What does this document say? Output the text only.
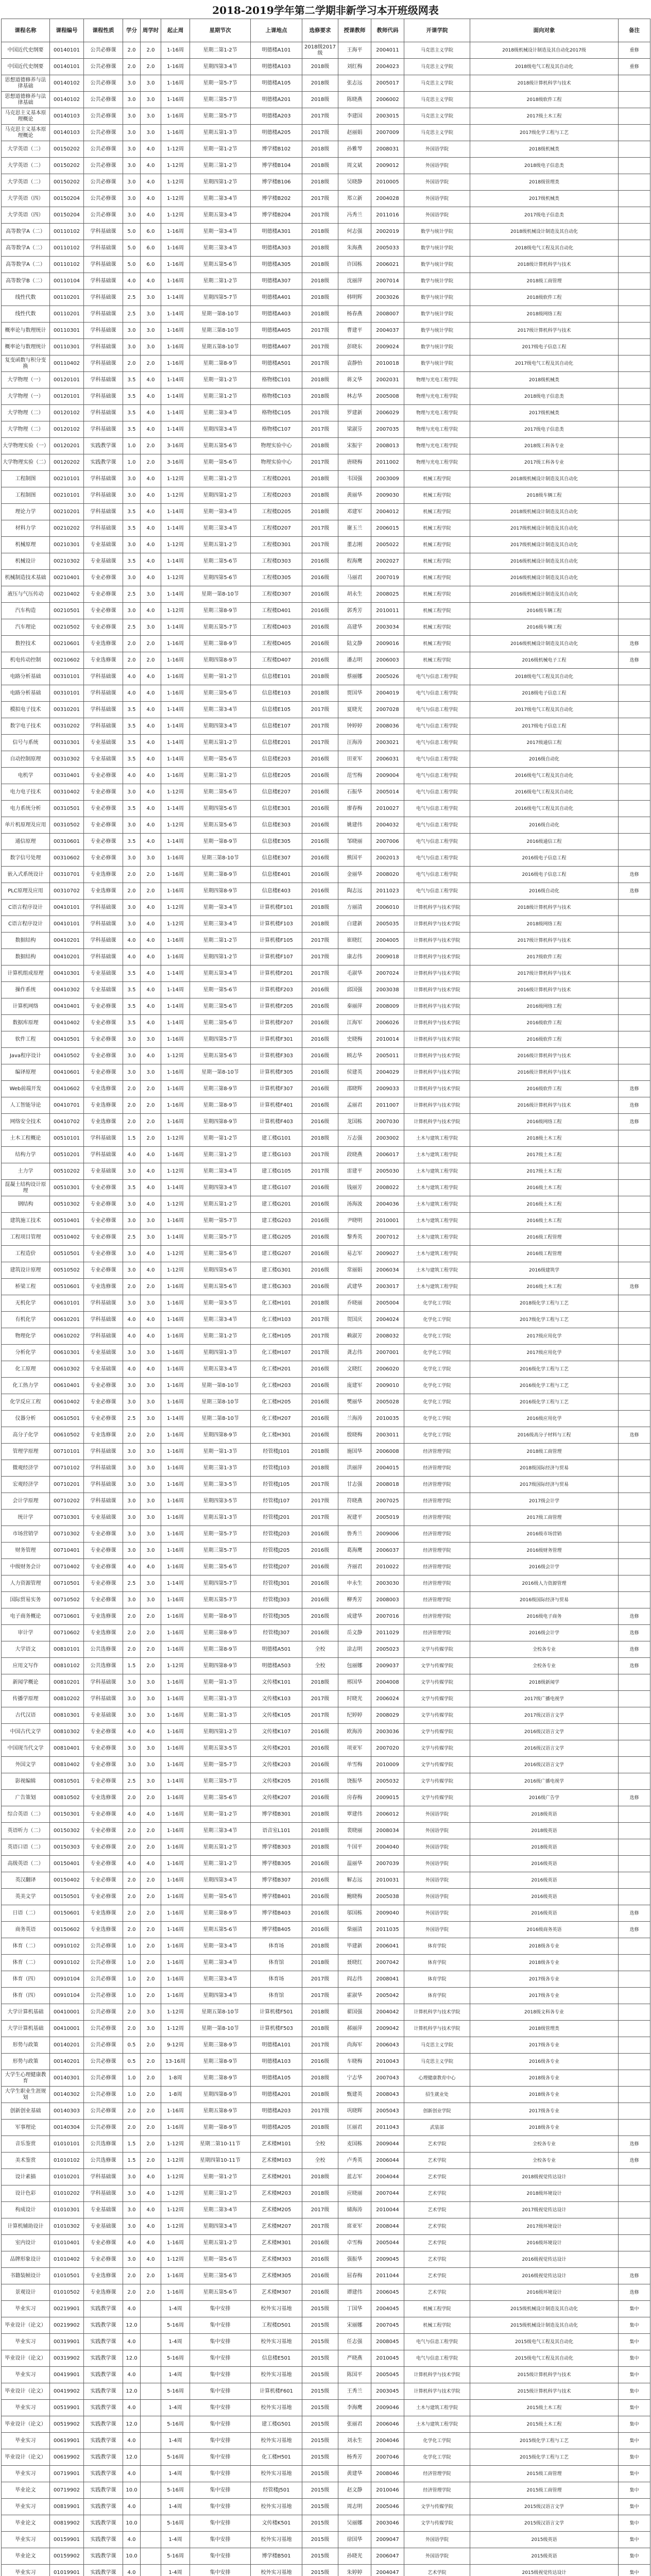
2018-2019学年第二学期非新学习本开班级网表
课程名称	课程编号	课程性质	学分	周学时	起止周	星期节次	上课地点	选修要求	授课教师	教师代码	开课学院	面向对象	备注
中国近代史纲要	00140101	公共必修课	2.0	2.0	1-16周	星期二第1-2节	明德楼A101	2018级2017级	王海平	2004011	马克思主义学院	2018级机械设计制造及其自动化2017级	重修
中国近代史纲要	00140101	公共必修课	2.0	2.0	1-16周	星期四第3-4节	明德楼A103	2018级	刘红梅	2004023	马克思主义学院	2018级电气工程及其自动化	重修
思想道德修养与法律基础	00140102	公共必修课	3.0	3.0	1-16周	星期一第5-7节	明德楼A105	2018级	张志远	2005017	马克思主义学院	2018级计算机科学与技术	
思想道德修养与法律基础	00140102	公共必修课	3.0	3.0	1-16周	星期三第5-7节	明德楼A201	2018级	陈晓燕	2006002	马克思主义学院	2018级软件工程	
马克思主义基本原理概论	00140103	公共必修课	3.0	3.0	1-16周	星期二第5-7节	明德楼A203	2017级	李建国	2003015	马克思主义学院	2017级土木工程	
马克思主义基本原理概论	00140103	公共必修课	3.0	3.0	1-16周	星期五第1-3节	明德楼A205	2017级	赵丽娟	2007009	马克思主义学院	2017级化学工程与工艺	
大学英语（二）	00150202	公共必修课	3.0	4.0	1-12周	星期一第1-2节	博学楼B102	2018级	孙雅琴	2008031	外国语学院	2018级机械类	
大学英语（二）	00150202	公共必修课	3.0	4.0	1-12周	星期三第1-2节	博学楼B104	2018级	周文斌	2009012	外国语学院	2018级电子信息类	
大学英语（二）	00150202	公共必修课	3.0	4.0	1-12周	星期四第1-2节	博学楼B106	2018级	吴晓静	2010005	外国语学院	2018级管理类	
大学英语（四）	00150204	公共必修课	3.0	4.0	1-12周	星期二第3-4节	博学楼B202	2017级	郑立新	2004028	外国语学院	2017级机械类	
大学英语（四）	00150204	公共必修课	3.0	4.0	1-12周	星期五第3-4节	博学楼B204	2017级	冯秀兰	2011016	外国语学院	2017级电子信息类	
高等数学A（二）	00110102	学科基础课	5.0	6.0	1-16周	星期一第3-4节	明德楼A301	2018级	何志强	2002019	数学与统计学院	2018级机械设计制造及其自动化	
高等数学A（二）	00110102	学科基础课	5.0	6.0	1-16周	星期三第3-4节	明德楼A303	2018级	朱海燕	2005033	数学与统计学院	2018级电气工程及其自动化	
高等数学A（二）	00110102	学科基础课	5.0	6.0	1-16周	星期五第5-6节	明德楼A305	2018级	许国栋	2006021	数学与统计学院	2018级计算机科学与技术	
高等数学B（二）	00110104	学科基础课	4.0	4.0	1-16周	星期二第1-2节	明德楼A307	2018级	沈丽萍	2007014	数学与统计学院	2018级工商管理	
线性代数	00110201	学科基础课	2.5	3.0	1-14周	星期四第5-7节	明德楼A401	2018级	韩明辉	2003026	数学与统计学院	2018级软件工程	
线性代数	00110201	学科基础课	2.5	3.0	1-14周	星期一第8-10节	明德楼A403	2018级	杨春燕	2008007	数学与统计学院	2018级网络工程	
概率论与数理统计	00110301	学科基础课	3.0	3.0	1-16周	星期三第8-10节	明德楼A405	2017级	曹建平	2004037	数学与统计学院	2017级计算机科学与技术	
概率论与数理统计	00110301	学科基础课	3.0	3.0	1-16周	星期五第8-10节	明德楼A407	2017级	彭晓东	2009024	数学与统计学院	2017级电子信息工程	
复变函数与积分变换	00110402	学科基础课	2.0	2.0	1-16周	星期二第8-9节	明德楼A501	2017级	袁静怡	2010018	数学与统计学院	2017级电气工程及其自动化	
大学物理（一）	00120101	学科基础课	3.5	4.0	1-14周	星期一第1-2节	格物楼C101	2018级	蒋文华	2002031	物理与光电工程学院	2018级机械类	
大学物理（一）	00120101	学科基础课	3.5	4.0	1-14周	星期三第1-2节	格物楼C103	2018级	林志华	2005008	物理与光电工程学院	2018级电子信息类	
大学物理（二）	00120102	学科基础课	3.5	4.0	1-14周	星期二第3-4节	格物楼C105	2017级	罗建新	2006029	物理与光电工程学院	2017级机械类	
大学物理（二）	00120102	学科基础课	3.5	4.0	1-14周	星期四第3-4节	格物楼C107	2017级	梁淑芬	2007035	物理与光电工程学院	2017级电子信息类	
大学物理实验（一）	00120201	实践教学课	1.0	2.0	3-16周	星期五第5-6节	物理实验中心	2018级	宋振宇	2008013	物理与光电工程学院	2018级工科各专业	
大学物理实验（二）	00120202	实践教学课	1.0	2.0	3-16周	星期一第5-6节	物理实验中心	2017级	唐晓梅	2011002	物理与光电工程学院	2017级工科各专业	
工程制图	00210101	学科基础课	3.0	4.0	1-12周	星期二第1-2节	工程楼D201	2018级	韦国强	2003009	机械工程学院	2018级机械设计制造及其自动化	
工程制图	00210101	学科基础课	3.0	4.0	1-12周	星期四第1-2节	工程楼D203	2018级	黄丽华	2009030	机械工程学院	2018级车辆工程	
理论力学	00210201	学科基础课	3.5	4.0	1-14周	星期一第3-4节	工程楼D205	2018级	邓建军	2004012	机械工程学院	2018级机械设计制造及其自动化	
材料力学	00210202	学科基础课	3.5	4.0	1-14周	星期三第3-4节	工程楼D207	2017级	谢玉兰	2006015	机械工程学院	2017级机械设计制造及其自动化	
机械原理	00210301	专业基础课	3.0	4.0	1-12周	星期五第1-2节	工程楼D301	2017级	董志刚	2005022	机械工程学院	2017级机械设计制造及其自动化	
机械设计	00210302	专业基础课	3.5	4.0	1-14周	星期二第5-6节	工程楼D303	2016级	程海鹰	2002027	机械工程学院	2016级机械设计制造及其自动化	
机械制造技术基础	00210401	专业必修课	3.0	4.0	1-12周	星期四第5-6节	工程楼D305	2016级	马丽君	2007019	机械工程学院	2016级机械设计制造及其自动化	
液压与气压传动	00210402	专业必修课	2.5	3.0	1-14周	星期一第8-10节	工程楼D307	2016级	胡永生	2008025	机械工程学院	2016级机械设计制造及其自动化	
汽车构造	00210501	专业必修课	3.0	4.0	1-12周	星期三第8-9节	工程楼D401	2016级	郭秀芳	2010011	机械工程学院	2016级车辆工程	
汽车理论	00210502	专业必修课	2.5	3.0	1-14周	星期五第5-7节	工程楼D403	2016级	高建华	2003034	机械工程学院	2016级车辆工程	
数控技术	00210601	专业选修课	2.0	2.0	1-16周	星期二第8-9节	工程楼D405	2016级	陆文静	2009016	机械工程学院	2016级机械设计制造及其自动化	选修
机电传动控制	00210602	专业选修课	2.0	2.0	1-16周	星期四第8-9节	工程楼D407	2016级	潘志明	2006003	机械工程学院	2016级机械电子工程	选修
电路分析基础	00310101	学科基础课	4.0	4.0	1-16周	星期一第1-2节	信息楼E101	2018级	蔡丽娜	2005026	电气与信息工程学院	2018级电气工程及其自动化	
电路分析基础	00310101	学科基础课	4.0	4.0	1-16周	星期三第5-6节	信息楼E103	2018级	贾国华	2004019	电气与信息工程学院	2018级电子信息工程	
模拟电子技术	00310201	学科基础课	3.5	4.0	1-14周	星期二第3-4节	信息楼E105	2017级	夏晓光	2007028	电气与信息工程学院	2017级电气工程及其自动化	
数字电子技术	00310202	学科基础课	3.5	4.0	1-14周	星期四第3-4节	信息楼E107	2017级	钟婷婷	2008036	电气与信息工程学院	2017级电子信息工程	
信号与系统	00310301	专业基础课	3.5	4.0	1-14周	星期五第1-2节	信息楼E201	2017级	汪海涛	2003021	电气与信息工程学院	2017级通信工程	
自动控制原理	00310302	专业基础课	3.5	4.0	1-14周	星期一第5-6节	信息楼E203	2016级	田亚军	2006031	电气与信息工程学院	2016级自动化	
电机学	00310401	专业必修课	4.0	4.0	1-16周	星期三第1-2节	信息楼E205	2016级	范雪梅	2009004	电气与信息工程学院	2016级电气工程及其自动化	
电力电子技术	00310402	专业必修课	3.0	4.0	1-12周	星期二第5-6节	信息楼E207	2016级	石振华	2005014	电气与信息工程学院	2016级电气工程及其自动化	
电力系统分析	00310501	专业必修课	3.5	4.0	1-14周	星期四第5-6节	信息楼E301	2016级	廖春梅	2010027	电气与信息工程学院	2016级电气工程及其自动化	
单片机原理及应用	00310502	专业必修课	3.0	4.0	1-12周	星期五第5-6节	信息楼E303	2016级	姚建伟	2004032	电气与信息工程学院	2016级自动化	
通信原理	00310601	专业必修课	3.5	4.0	1-14周	星期一第8-9节	信息楼E305	2016级	邹晓丽	2007006	电气与信息工程学院	2016级通信工程	
数字信号处理	00310602	专业必修课	3.0	3.0	1-16周	星期三第8-10节	信息楼E307	2016级	熊国平	2002013	电气与信息工程学院	2016级电子信息工程	
嵌入式系统设计	00310701	专业选修课	2.0	2.0	1-16周	星期二第8-9节	信息楼E401	2016级	金丽华	2008020	电气与信息工程学院	2016级电子信息工程	选修
PLC原理及应用	00310702	专业选修课	2.0	2.0	1-16周	星期四第8-9节	信息楼E403	2016级	陶志远	2011023	电气与信息工程学院	2016级自动化	选修
C语言程序设计	00410101	学科基础课	3.0	4.0	1-12周	星期一第3-4节	计算机楼F101	2018级	方丽清	2006010	计算机科学与技术学院	2018级计算机科学与技术	
C语言程序设计	00410101	学科基础课	3.0	4.0	1-12周	星期三第3-4节	计算机楼F103	2018级	白建新	2005035	计算机科学与技术学院	2018级网络工程	
数据结构	00410201	学科基础课	4.0	4.0	1-16周	星期二第1-2节	计算机楼F105	2017级	崔晓红	2004005	计算机科学与技术学院	2017级计算机科学与技术	
数据结构	00410201	学科基础课	4.0	4.0	1-16周	星期四第1-2节	计算机楼F107	2017级	康志伟	2009018	计算机科学与技术学院	2017级软件工程	
计算机组成原理	00410301	专业基础课	3.5	4.0	1-14周	星期五第3-4节	计算机楼F201	2017级	毛淑华	2007024	计算机科学与技术学院	2017级计算机科学与技术	
操作系统	00410302	专业基础课	3.5	4.0	1-14周	星期一第5-6节	计算机楼F203	2016级	邱国强	2003038	计算机科学与技术学院	2016级计算机科学与技术	
计算机网络	00410401	专业必修课	3.5	4.0	1-14周	星期三第5-6节	计算机楼F205	2016级	秦丽萍	2008009	计算机科学与技术学院	2016级网络工程	
数据库原理	00410402	专业必修课	3.5	4.0	1-14周	星期二第5-6节	计算机楼F207	2016级	江海军	2006026	计算机科学与技术学院	2016级软件工程	
软件工程	00410501	专业必修课	3.0	3.0	1-16周	星期四第5-7节	计算机楼F301	2016级	史晓梅	2010014	计算机科学与技术学院	2016级软件工程	
Java程序设计	00410502	专业必修课	3.0	4.0	1-12周	星期五第5-6节	计算机楼F303	2016级	顾志华	2005011	计算机科学与技术学院	2016级计算机科学与技术	
编译原理	00410601	专业必修课	3.0	3.0	1-16周	星期一第8-10节	计算机楼F305	2016级	侯建英	2004029	计算机科学与技术学院	2016级计算机科学与技术	
Web前端开发	00410602	专业选修课	2.0	2.0	1-16周	星期三第8-9节	计算机楼F307	2016级	邵晓辉	2009033	计算机科学与技术学院	2016级软件工程	选修
人工智能导论	00410701	专业选修课	2.0	2.0	1-16周	星期二第8-9节	计算机楼F401	2016级	孟丽君	2011007	计算机科学与技术学院	2016级计算机科学与技术	选修
网络安全技术	00410702	专业选修课	2.0	2.0	1-16周	星期四第8-9节	计算机楼F403	2016级	龙国栋	2007030	计算机科学与技术学院	2016级网络工程	选修
土木工程概论	00510101	学科基础课	1.5	2.0	1-12周	星期一第1-2节	建工楼G101	2018级	万志强	2003002	土木与建筑工程学院	2018级土木工程	
结构力学	00510201	学科基础课	4.0	4.0	1-16周	星期三第1-2节	建工楼G103	2017级	段晓燕	2006017	土木与建筑工程学院	2017级土木工程	
土力学	00510202	专业基础课	3.0	4.0	1-12周	星期二第3-4节	建工楼G105	2017级	雷建平	2005030	土木与建筑工程学院	2017级土木工程	
混凝土结构设计原理	00510301	专业必修课	3.5	4.0	1-14周	星期四第3-4节	建工楼G107	2016级	钱丽芳	2008022	土木与建筑工程学院	2016级土木工程	
钢结构	00510302	专业必修课	3.0	4.0	1-12周	星期五第1-2节	建工楼G201	2016级	汤海波	2004036	土木与建筑工程学院	2016级土木工程	
建筑施工技术	00510401	专业必修课	3.0	3.0	1-16周	星期一第5-7节	建工楼G203	2016级	尹晓明	2010001	土木与建筑工程学院	2016级土木工程	
工程项目管理	00510402	专业必修课	2.5	3.0	1-14周	星期三第5-7节	建工楼G205	2016级	黎秀英	2007012	土木与建筑工程学院	2016级工程管理	
工程造价	00510501	专业必修课	3.0	4.0	1-12周	星期二第5-6节	建工楼G207	2016级	易志军	2009027	土木与建筑工程学院	2016级工程管理	
建筑设计原理	00510502	专业必修课	3.0	4.0	1-12周	星期四第5-6节	建工楼G301	2016级	常丽娟	2006034	土木与建筑工程学院	2016级建筑学	
桥梁工程	00510601	专业选修课	2.0	2.0	1-16周	星期五第5-6节	建工楼G303	2016级	武建华	2003017	土木与建筑工程学院	2016级土木工程	选修
无机化学	00610101	学科基础课	3.0	3.0	1-16周	星期一第3-5节	化工楼H101	2018级	乔晓丽	2005004	化学化工学院	2018级化学工程与工艺	
有机化学	00610201	学科基础课	4.0	4.0	1-16周	星期三第3-4节	化工楼H103	2017级	贺国庆	2004024	化学化工学院	2017级化学工程与工艺	
物理化学	00610202	学科基础课	4.0	4.0	1-16周	星期二第1-2节	化工楼H105	2017级	赖淑芳	2008032	化学化工学院	2017级应用化学	
分析化学	00610301	专业基础课	3.0	3.0	1-16周	星期四第1-3节	化工楼H107	2017级	龚志伟	2007001	化学化工学院	2017级应用化学	
化工原理	00610302	专业基础课	4.0	4.0	1-16周	星期五第3-4节	化工楼H201	2016级	文晓红	2006020	化学化工学院	2016级化学工程与工艺	
化工热力学	00610401	专业必修课	3.0	3.0	1-16周	星期一第8-10节	化工楼H203	2016级	庞建军	2009010	化学化工学院	2016级化学工程与工艺	
化学反应工程	00610402	专业必修课	3.0	3.0	1-16周	星期三第8-10节	化工楼H205	2016级	樊丽华	2005028	化学化工学院	2016级化学工程与工艺	
仪器分析	00610501	专业必修课	2.5	3.0	1-14周	星期二第8-10节	化工楼H207	2016级	兰海涛	2010035	化学化工学院	2016级应用化学	
高分子化学	00610502	专业选修课	2.0	2.0	1-16周	星期四第8-9节	化工楼H301	2016级	殷晓梅	2003011	化学化工学院	2016级高分子材料与工程	选修
管理学原理	00710101	学科基础课	3.0	3.0	1-16周	星期一第1-3节	经管楼J101	2018级	施国华	2006008	经济管理学院	2018级工商管理	
微观经济学	00710102	学科基础课	3.0	3.0	1-16周	星期三第1-3节	经管楼J103	2018级	洪丽萍	2004015	经济管理学院	2018级国际经济与贸易	
宏观经济学	00710201	学科基础课	3.0	3.0	1-16周	星期二第3-5节	经管楼J105	2017级	甘志强	2008018	经济管理学院	2017级国际经济与贸易	
会计学原理	00710202	学科基础课	3.0	3.0	1-16周	星期四第3-5节	经管楼J107	2017级	符晓燕	2007025	经济管理学院	2017级会计学	
统计学	00710301	专业基础课	3.0	3.0	1-16周	星期五第1-3节	经管楼J201	2017级	祝建平	2005019	经济管理学院	2017级工商管理	
市场营销学	00710302	专业必修课	3.0	3.0	1-16周	星期一第5-7节	经管楼J203	2016级	鲁秀兰	2009006	经济管理学院	2016级市场营销	
财务管理	00710401	专业必修课	3.0	3.0	1-16周	星期三第5-7节	经管楼J205	2016级	葛海鹰	2006037	经济管理学院	2016级财务管理	
中级财务会计	00710402	专业必修课	4.0	4.0	1-16周	星期二第5-6节	经管楼J207	2016级	齐丽君	2010022	经济管理学院	2016级会计学	
人力资源管理	00710501	专业必修课	2.5	3.0	1-14周	星期四第5-7节	经管楼J301	2016级	申永生	2003030	经济管理学院	2016级人力资源管理	
国际贸易实务	00710502	专业必修课	3.0	3.0	1-16周	星期五第5-7节	经管楼J303	2016级	柳秀芳	2008003	经济管理学院	2016级国际经济与贸易	
电子商务概论	00710601	专业选修课	2.0	2.0	1-16周	星期一第8-9节	经管楼J305	2016级	成建华	2007016	经济管理学院	2016级电子商务	选修
审计学	00710602	专业选修课	2.0	2.0	1-16周	星期三第8-9节	经管楼J307	2016级	岳文静	2011029	经济管理学院	2016级会计学	选修
大学语文	00810101	公共选修课	2.0	2.0	1-16周	星期二第8-9节	明德楼A501	全校	涂志明	2005023	文学与传媒学院	全校各专业	选修
应用文写作	00810102	公共选修课	1.5	2.0	1-12周	星期四第8-9节	明德楼A503	全校	包丽娜	2009037	文学与传媒学院	全校各专业	选修
新闻学概论	00810201	学科基础课	3.0	3.0	1-16周	星期一第1-3节	文传楼K101	2018级	邢国华	2004008	文学与传媒学院	2018级新闻学	
传播学原理	00810202	学科基础课	3.0	3.0	1-16周	星期三第1-3节	文传楼K103	2017级	时晓光	2006024	文学与传媒学院	2017级广播电视学	
古代汉语	00810301	专业基础课	3.0	3.0	1-16周	星期二第1-3节	文传楼K105	2017级	纪婷婷	2008029	文学与传媒学院	2017级汉语言文学	
中国古代文学	00810302	专业必修课	4.0	4.0	1-16周	星期四第1-2节	文传楼K107	2016级	欧海涛	2003036	文学与传媒学院	2016级汉语言文学	
中国现当代文学	00810401	专业必修课	3.0	3.0	1-16周	星期五第3-5节	文传楼K201	2016级	项亚军	2007020	文学与传媒学院	2016级汉语言文学	
外国文学	00810402	专业必修课	3.0	3.0	1-16周	星期一第5-7节	文传楼K203	2016级	单雪梅	2010009	文学与传媒学院	2016级汉语言文学	
影视编辑	00810501	专业必修课	2.5	3.0	1-14周	星期三第5-7节	文传楼K205	2016级	饶振华	2005032	文学与传媒学院	2016级广播电视学	
广告策划	00810502	专业选修课	2.0	2.0	1-16周	星期二第5-6节	文传楼K207	2016级	房春梅	2009015	文学与传媒学院	2016级广告学	选修
综合英语（二）	00150301	专业必修课	4.0	4.0	1-16周	星期一第1-2节	博学楼B301	2018级	覃建伟	2006012	外国语学院	2018级英语	
英语听力（二）	00150302	专业必修课	2.0	2.0	1-16周	星期三第3-4节	语音室L101	2018级	裴晓丽	2008034	外国语学院	2018级英语	
英语口语（二）	00150303	专业必修课	2.0	2.0	1-16周	星期五第1-2节	博学楼B303	2018级	牛国平	2004040	外国语学院	2018级英语	
高级英语（二）	00150401	专业必修课	4.0	4.0	1-16周	星期二第1-2节	博学楼B305	2016级	温丽华	2007039	外国语学院	2016级英语	
英汉翻译	00150402	专业必修课	2.0	2.0	1-16周	星期四第3-4节	博学楼B307	2016级	解志远	2010031	外国语学院	2016级英语	
英美文学	00150501	专业必修课	2.0	2.0	1-16周	星期一第5-6节	博学楼B401	2016级	鲍晓梅	2005038	外国语学院	2016级英语	
日语（二）	00150601	专业选修课	2.0	2.0	1-16周	星期三第8-9节	博学楼B403	2016级	邬国栋	2009040	外国语学院	2016级英语	选修
商务英语	00150602	专业选修课	2.0	2.0	1-16周	星期五第5-6节	博学楼B405	2016级	柴丽清	2011035	外国语学院	2016级商务英语	选修
体育（二）	00910102	公共必修课	1.0	2.0	1-16周	星期一第3-4节	体育场	2018级	毕建新	2006041	体育学院	2018级各专业	
体育（二）	00910102	公共必修课	1.0	2.0	1-16周	星期二第3-4节	体育馆	2018级	聂晓红	2007042	体育学院	2018级各专业	
体育（四）	00910104	公共必修课	1.0	2.0	1-16周	星期三第3-4节	体育场	2017级	阎志伟	2008041	体育学院	2017级各专业	
体育（四）	00910104	公共必修课	1.0	2.0	1-16周	星期四第3-4节	体育馆	2017级	霍淑华	2005042	体育学院	2017级各专业	
大学计算机基础	00410001	公共必修课	2.0	3.0	1-12周	星期五第8-10节	计算机楼F501	2018级	翟国强	2004042	计算机科学与技术学院	2018级文科各专业	
大学计算机基础	00410001	公共必修课	2.0	3.0	1-12周	星期一第8-10节	计算机楼F503	2018级	郝丽萍	2009042	计算机科学与技术学院	2018级管理类	
形势与政策	00140201	公共必修课	0.5	2.0	9-12周	星期三第8-9节	明德楼A101	2017级	尚海军	2006043	马克思主义学院	2017级各专业	
形势与政策	00140201	公共必修课	0.5	2.0	13-16周	星期三第8-9节	明德楼A103	2016级	车晓梅	2010043	马克思主义学院	2016级各专业	
大学生心理健康教育	00140301	公共必修课	1.0	2.0	1-8周	星期二第8-9节	明德楼A105	2018级	宁志华	2007043	心理健康教育中心	2018级各专业	
大学生职业生涯规划	00140302	公共必修课	1.0	2.0	1-8周	星期四第8-9节	明德楼A201	2018级	甄建英	2008043	招生就业处	2018级各专业	
创新创业基础	00140303	公共必修课	2.0	2.0	1-16周	星期五第8-9节	明德楼A203	2017级	巩晓辉	2005043	创新创业学院	2017级各专业	
军事理论	00140304	公共必修课	2.0	2.0	1-16周	星期一第8-9节	明德楼A205	2018级	匡丽君	2011043	武装部	2018级各专业	
音乐鉴赏	01010101	公共选修课	1.5	2.0	1-12周	星期二第10-11节	艺术楼M101	全校	麦国栋	2009044	艺术学院	全校各专业	选修
美术鉴赏	01010102	公共选修课	1.5	2.0	1-12周	星期四第10-11节	艺术楼M103	全校	卢秀英	2006044	艺术学院	全校各专业	选修
设计素描	01010201	学科基础课	3.0	4.0	1-12周	星期一第1-2节	艺术楼M201	2018级	蓝志军	2004044	艺术学院	2018级视觉传达设计	
设计色彩	01010202	学科基础课	3.0	4.0	1-12周	星期三第1-2节	艺术楼M203	2018级	应晓丽	2007044	艺术学院	2018级环境设计	
构成设计	01010301	专业基础课	3.0	4.0	1-12周	星期二第3-4节	艺术楼M205	2017级	储海涛	2010044	艺术学院	2017级视觉传达设计	
计算机辅助设计	01010302	专业基础课	3.0	4.0	1-12周	星期四第3-4节	艺术楼M207	2017级	席亚军	2008044	艺术学院	2017级环境设计	
室内设计	01010401	专业必修课	4.0	4.0	1-16周	星期五第1-2节	艺术楼M301	2016级	卓雪梅	2005044	艺术学院	2016级环境设计	
品牌形象设计	01010402	专业必修课	3.0	4.0	1-12周	星期一第5-6节	艺术楼M303	2016级	强振华	2009045	艺术学院	2016级视觉传达设计	
书籍装帧设计	01010501	专业选修课	2.0	2.0	1-16周	星期三第5-6节	艺术楼M305	2016级	屈春梅	2011044	艺术学院	2016级视觉传达设计	选修
景观设计	01010502	专业选修课	2.0	2.0	1-16周	星期五第5-6节	艺术楼M307	2016级	谭建伟	2006045	艺术学院	2016级环境设计	选修
毕业实习	00219901	实践教学课	4.0		1-4周	集中安排	校外实习基地	2015级	丁国华	2004045	机械工程学院	2015级机械设计制造及其自动化	集中
毕业设计（论文）	00219902	实践教学课	12.0		5-16周	集中安排	工程楼D501	2015级	宋丽娜	2007045	机械工程学院	2015级机械设计制造及其自动化	集中
毕业实习	00319901	实践教学课	4.0		1-4周	集中安排	校外实习基地	2015级	任志强	2008045	电气与信息工程学院	2015级电气工程及其自动化	集中
毕业设计（论文）	00319902	实践教学课	12.0		5-16周	集中安排	信息楼E501	2015级	严晓燕	2010045	电气与信息工程学院	2015级电气工程及其自动化	集中
毕业实习	00419901	实践教学课	4.0		1-4周	集中安排	校外实习基地	2015级	陈国平	2005045	计算机科学与技术学院	2015级计算机科学与技术	集中
毕业设计（论文）	00419902	实践教学课	12.0		5-16周	集中安排	计算机楼F601	2015级	王秀兰	2003045	计算机科学与技术学院	2015级计算机科学与技术	集中
毕业实习	00519901	实践教学课	4.0		1-4周	集中安排	校外实习基地	2015级	李海鹰	2009046	土木与建筑工程学院	2015级土木工程	集中
毕业设计（论文）	00519902	实践教学课	12.0		5-16周	集中安排	建工楼G501	2015级	张丽君	2006046	土木与建筑工程学院	2015级土木工程	集中
毕业实习	00619901	实践教学课	4.0		1-4周	集中安排	校外实习基地	2015级	刘永生	2004046	化学化工学院	2015级化学工程与工艺	集中
毕业设计（论文）	00619902	实践教学课	12.0		5-16周	集中安排	化工楼H501	2015级	杨秀芳	2007046	化学化工学院	2015级化学工程与工艺	集中
毕业实习	00719901	实践教学课	4.0		1-4周	集中安排	校外实习基地	2015级	黄建华	2008046	经济管理学院	2015级工商管理	集中
毕业论文	00719902	实践教学课	10.0		5-16周	集中安排	经管楼J501	2015级	赵文静	2010046	经济管理学院	2015级工商管理	集中
毕业实习	00819901	实践教学课	4.0		1-4周	集中安排	校外实习基地	2015级	周志明	2005046	文学与传媒学院	2015级汉语言文学	集中
毕业论文	00819902	实践教学课	10.0		5-16周	集中安排	文传楼K501	2015级	吴丽娜	2003046	文学与传媒学院	2015级汉语言文学	集中
毕业实习	00159901	实践教学课	4.0		1-4周	集中安排	校外实习基地	2015级	徐国华	2009047	外国语学院	2015级英语	集中
毕业论文	00159902	实践教学课	10.0		5-16周	集中安排	博学楼B501	2015级	孙晓光	2006047	外国语学院	2015级英语	集中
毕业实习	01019901	实践教学课	4.0		1-4周	集中安排	校外实习基地	2015级	朱婷婷	2004047	艺术学院	2015级视觉传达设计	集中
